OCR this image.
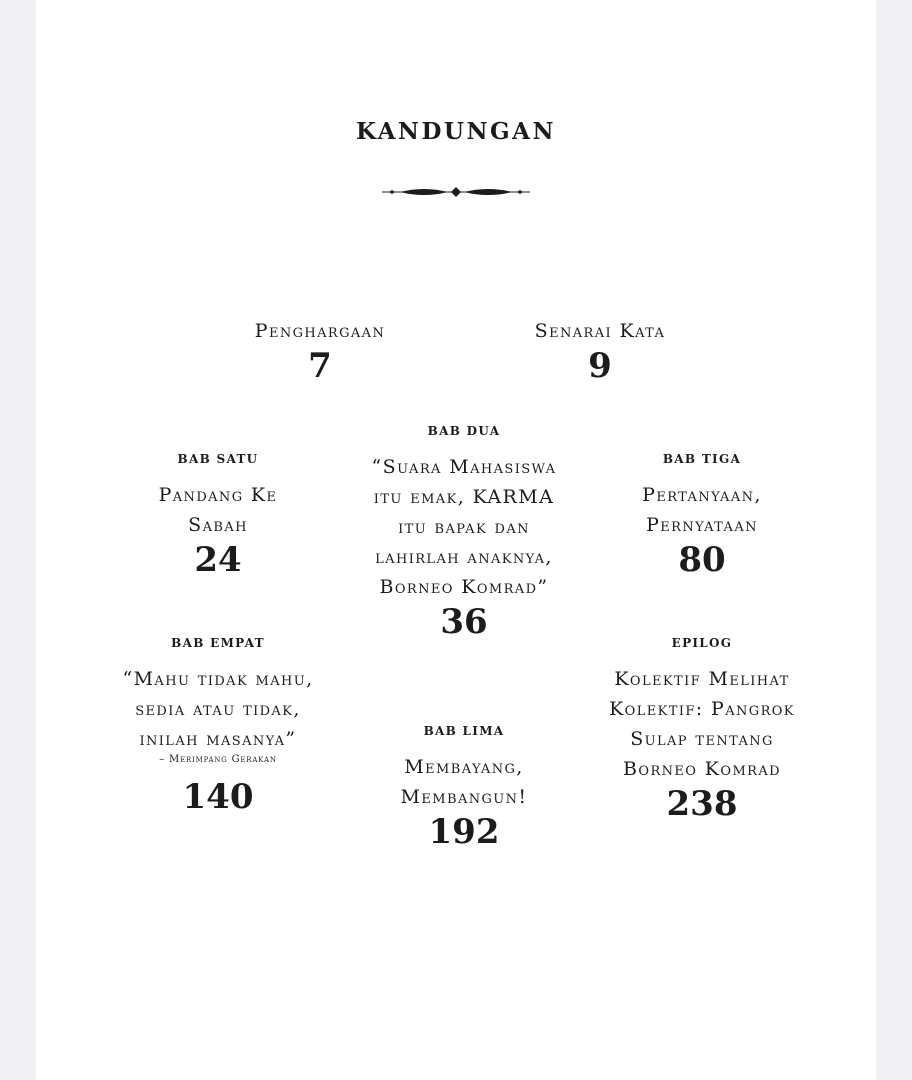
KANDUNGAN
Penghargaan
7
Senarai Kata
9
BAB SATU
Pandang Ke
Sabah
24
BAB DUA
“Suara Mahasiswa
itu emak, KARMA
itu bapak dan
lahirlah anaknya,
Borneo Komrad”
36
BAB TIGA
Pertanyaan,
Pernyataan
80
BAB EMPAT
“Mahu tidak mahu,
sedia atau tidak,
inilah masanya”
– Merimpang Gerakan
140
BAB LIMA
Membayang,
Membangun!
192
EPILOG
Kolektif Melihat
Kolektif: Pangrok
Sulap tentang
Borneo Komrad
238
